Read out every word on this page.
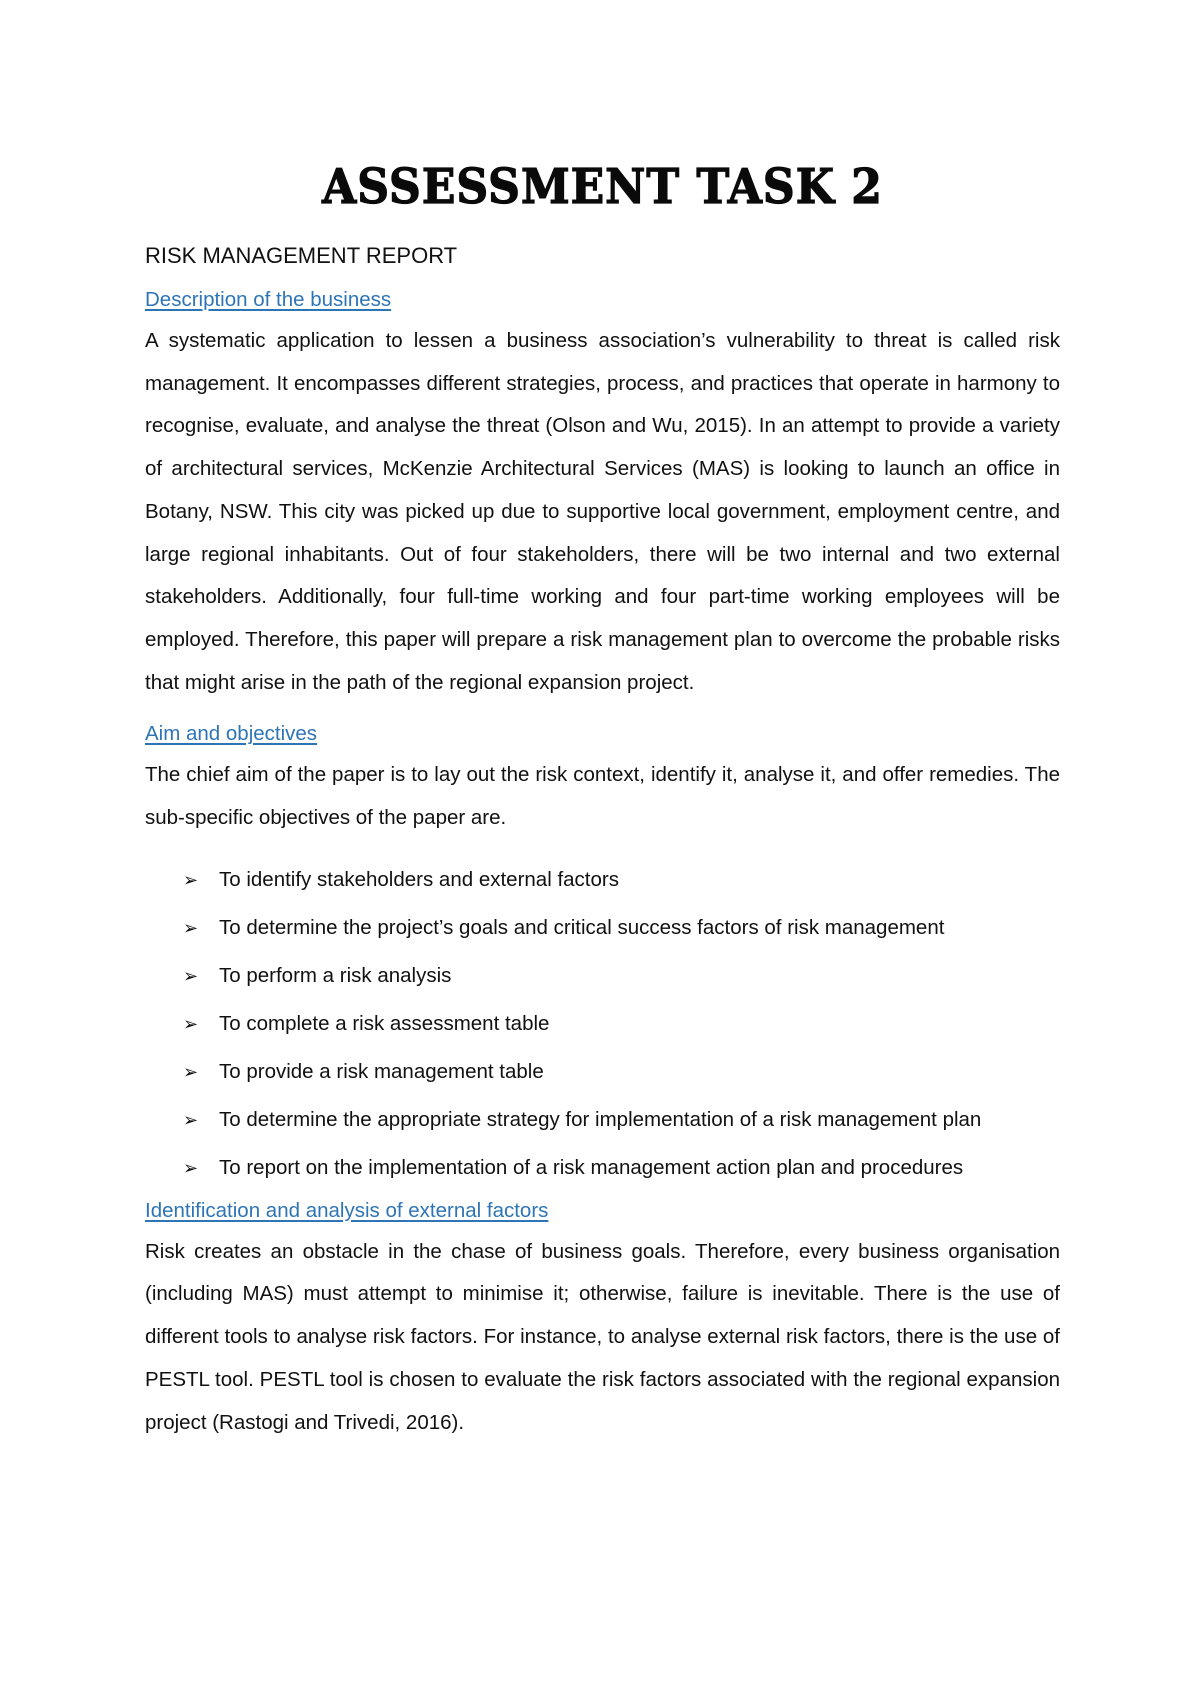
ASSESSMENT TASK 2
RISK MANAGEMENT REPORT
Description of the business

A systematic application to lessen a business association’s vulnerability to threat is called risk management. It encompasses different strategies, process, and practices that operate in harmony to recognise, evaluate, and analyse the threat (Olson and Wu, 2015). In an attempt to provide a variety of architectural services, McKenzie Architectural Services (MAS) is looking to launch an office in Botany, NSW. This city was picked up due to supportive local government, employment centre, and large regional inhabitants. Out of four stakeholders, there will be two internal and two external stakeholders. Additionally, four full-time working and four part-time working employees will be employed. Therefore, this paper will prepare a risk management plan to overcome the probable risks that might arise in the path of the regional expansion project.

Aim and objectives

The chief aim of the paper is to lay out the risk context, identify it, analyse it, and offer remedies. The sub-specific objectives of the paper are.

➢	To identify stakeholders and external factors
➢	To determine the project’s goals and critical success factors of risk management
➢	To perform a risk analysis
➢	To complete a risk assessment table
➢	To provide a risk management table
➢	To determine the appropriate strategy for implementation of a risk management plan
➢	To report on the implementation of a risk management action plan and procedures
Identification and analysis of external factors

Risk creates an obstacle in the chase of business goals. Therefore, every business organisation (including MAS) must attempt to minimise it; otherwise, failure is inevitable. There is the use of different tools to analyse risk factors. For instance, to analyse external risk factors, there is the use of PESTL tool. PESTL tool is chosen to evaluate the risk factors associated with the regional expansion project (Rastogi and Trivedi, 2016).
